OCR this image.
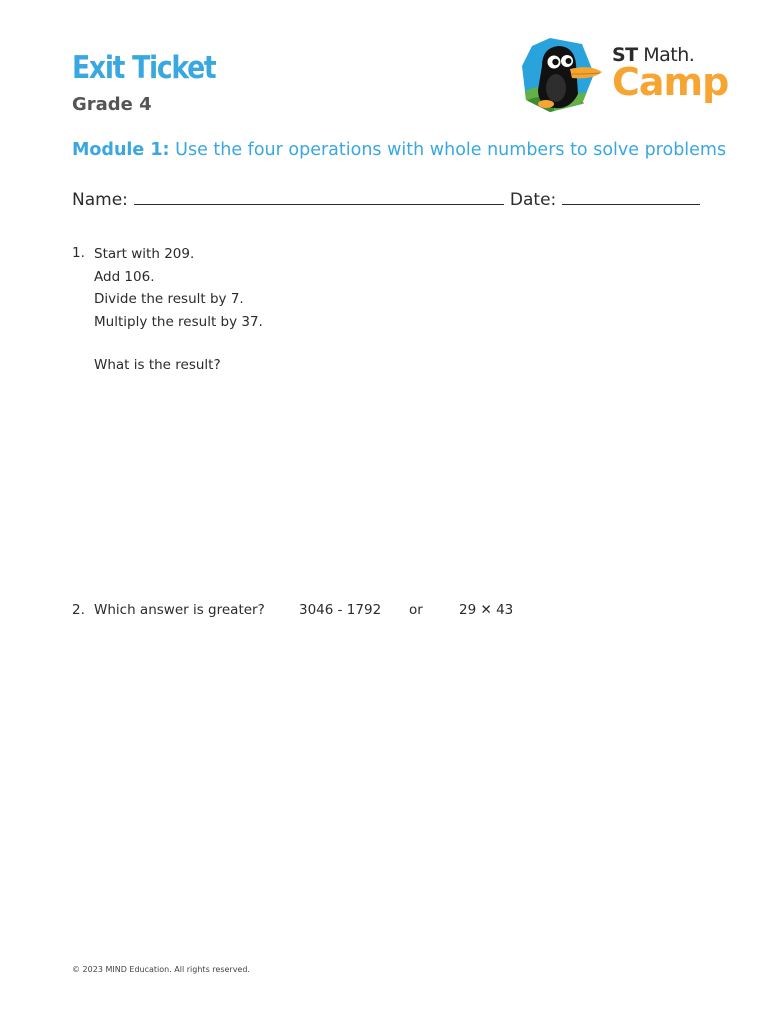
Exit Ticket
Grade 4
Module 1: Use the four operations with whole numbers to solve problems
Name:	Date:
™
ST Math.
Camp
1. Start with 209.
Add 106.
Divide the result by 7.
Multiply the result by 37.
What is the result?
2. Which answer is greater?	3046 - 1792 or	29 ✕ 43
© 2023 MIND Education. All rights reserved.
